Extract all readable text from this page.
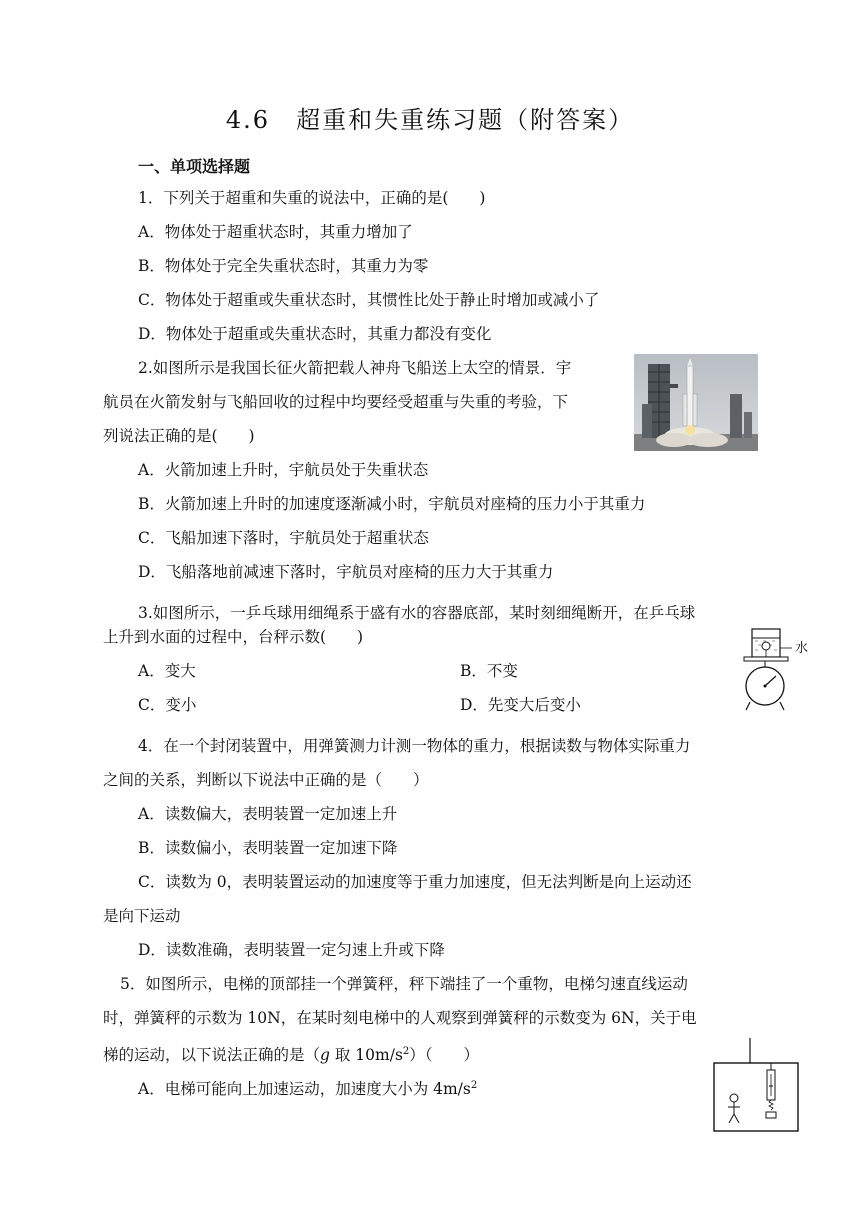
4.6　超重和失重练习题（附答案）
一、单项选择题
1．下列关于超重和失重的说法中，正确的是(　　)
A．物体处于超重状态时，其重力增加了
B．物体处于完全失重状态时，其重力为零
C．物体处于超重或失重状态时，其惯性比处于静止时增加或减小了
D．物体处于超重或失重状态时，其重力都没有变化
2.如图所示是我国长征火箭把载人神舟飞船送上太空的情景．宇
航员在火箭发射与飞船回收的过程中均要经受超重与失重的考验，下
列说法正确的是(　　)
A．火箭加速上升时，宇航员处于失重状态
B．火箭加速上升时的加速度逐渐减小时，宇航员对座椅的压力小于其重力
C．飞船加速下落时，宇航员处于超重状态
D．飞船落地前减速下落时，宇航员对座椅的压力大于其重力
3.如图所示，一乒乓球用细绳系于盛有水的容器底部，某时刻细绳断开，在乒乓球
上升到水面的过程中，台秤示数(　　)
A．变大	B．不变
C．变小	D．先变大后变小
水
4．在一个封闭装置中，用弹簧测力计测一物体的重力，根据读数与物体实际重力
之间的关系，判断以下说法中正确的是（　　）
A．读数偏大，表明装置一定加速上升
B．读数偏小，表明装置一定加速下降
C．读数为 0，表明装置运动的加速度等于重力加速度，但无法判断是向上运动还
是向下运动
D．读数准确，表明装置一定匀速上升或下降
5．如图所示，电梯的顶部挂一个弹簧秤，秤下端挂了一个重物，电梯匀速直线运动
时，弹簧秤的示数为 10N，在某时刻电梯中的人观察到弹簧秤的示数变为 6N，关于电
梯的运动，以下说法正确的是（g 取 $10m/s^2$）（　　）
A．电梯可能向上加速运动，加速度大小为 $4m/s^2$
